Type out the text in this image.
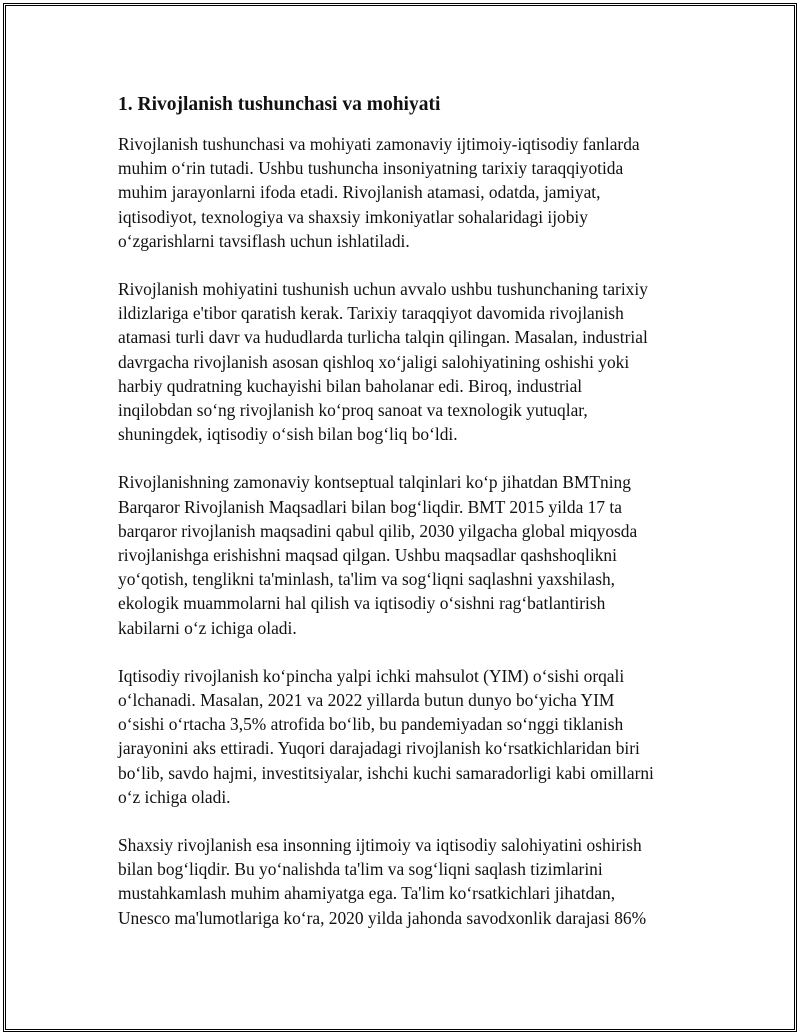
1. Rivojlanish tushunchasi va mohiyati

Rivojlanish tushunchasi va mohiyati zamonaviy ijtimoiy-iqtisodiy fanlarda
muhim o‘rin tutadi. Ushbu tushuncha insoniyatning tarixiy taraqqiyotida
muhim jarayonlarni ifoda etadi. Rivojlanish atamasi, odatda, jamiyat,
iqtisodiyot, texnologiya va shaxsiy imkoniyatlar sohalaridagi ijobiy
o‘zgarishlarni tavsiflash uchun ishlatiladi.

Rivojlanish mohiyatini tushunish uchun avvalo ushbu tushunchaning tarixiy
ildizlariga e'tibor qaratish kerak. Tarixiy taraqqiyot davomida rivojlanish
atamasi turli davr va hududlarda turlicha talqin qilingan. Masalan, industrial
davrgacha rivojlanish asosan qishloq xo‘jaligi salohiyatining oshishi yoki
harbiy qudratning kuchayishi bilan baholanar edi. Biroq, industrial
inqilobdan so‘ng rivojlanish ko‘proq sanoat va texnologik yutuqlar,
shuningdek, iqtisodiy o‘sish bilan bog‘liq bo‘ldi.

Rivojlanishning zamonaviy kontseptual talqinlari ko‘p jihatdan BMTning
Barqaror Rivojlanish Maqsadlari bilan bog‘liqdir. BMT 2015 yilda 17 ta
barqaror rivojlanish maqsadini qabul qilib, 2030 yilgacha global miqyosda
rivojlanishga erishishni maqsad qilgan. Ushbu maqsadlar qashshoqlikni
yo‘qotish, tenglikni ta'minlash, ta'lim va sog‘liqni saqlashni yaxshilash,
ekologik muammolarni hal qilish va iqtisodiy o‘sishni rag‘batlantirish
kabilarni o‘z ichiga oladi.

Iqtisodiy rivojlanish ko‘pincha yalpi ichki mahsulot (YIM) o‘sishi orqali
o‘lchanadi. Masalan, 2021 va 2022 yillarda butun dunyo bo‘yicha YIM
o‘sishi o‘rtacha 3,5% atrofida bo‘lib, bu pandemiyadan so‘nggi tiklanish
jarayonini aks ettiradi. Yuqori darajadagi rivojlanish ko‘rsatkichlaridan biri
bo‘lib, savdo hajmi, investitsiyalar, ishchi kuchi samaradorligi kabi omillarni
o‘z ichiga oladi.

Shaxsiy rivojlanish esa insonning ijtimoiy va iqtisodiy salohiyatini oshirish
bilan bog‘liqdir. Bu yo‘nalishda ta'lim va sog‘liqni saqlash tizimlarini
mustahkamlash muhim ahamiyatga ega. Ta'lim ko‘rsatkichlari jihatdan,
Unesco ma'lumotlariga ko‘ra, 2020 yilda jahonda savodxonlik darajasi 86%
